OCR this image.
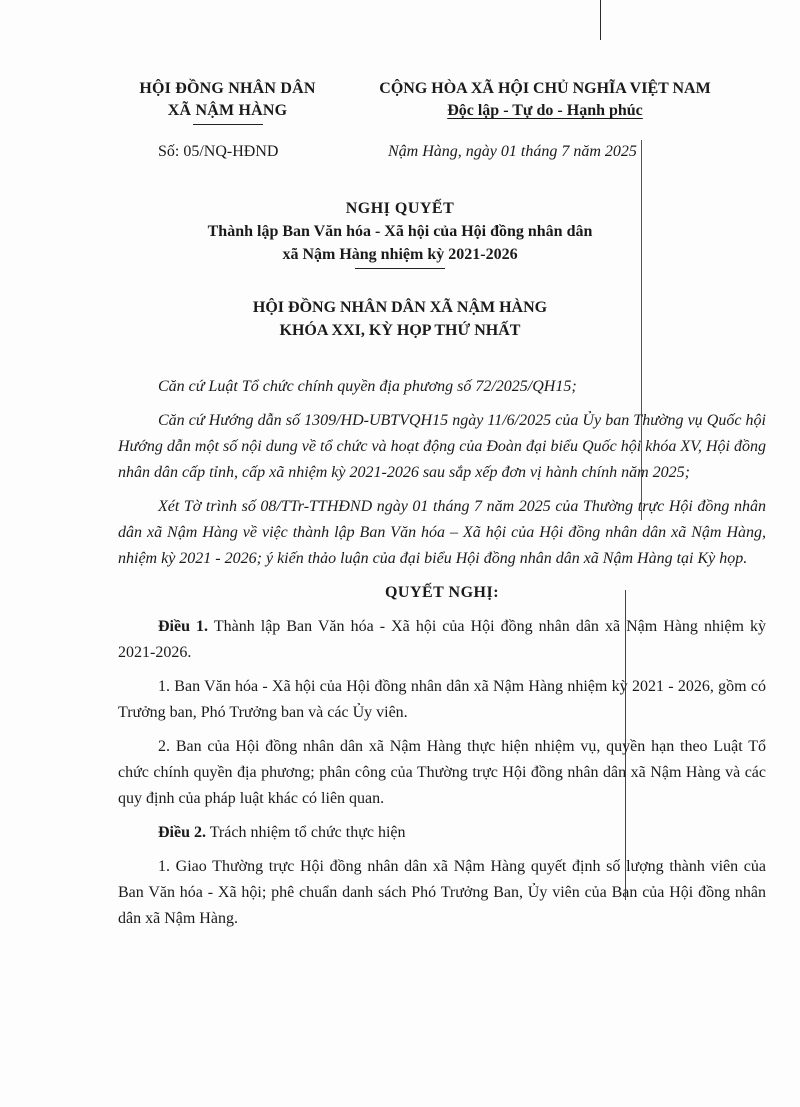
HỘI ĐỒNG NHÂN DÂN
XÃ NẬM HÀNG
CỘNG HÒA XÃ HỘI CHỦ NGHĨA VIỆT NAM
Độc lập - Tự do - Hạnh phúc
Số: 05/NQ-HĐND	Nậm Hàng, ngày 01 tháng 7 năm 2025
NGHỊ QUYẾT
Thành lập Ban Văn hóa - Xã hội của Hội đồng nhân dân
xã Nậm Hàng nhiệm kỳ 2021-2026
HỘI ĐỒNG NHÂN DÂN XÃ NẬM HÀNG
KHÓA XXI, KỲ HỌP THỨ NHẤT

Căn cứ Luật Tổ chức chính quyền địa phương số 72/2025/QH15;

Căn cứ Hướng dẫn số 1309/HD-UBTVQH15 ngày 11/6/2025 của Ủy ban Thường vụ Quốc hội Hướng dẫn một số nội dung về tổ chức và hoạt động của Đoàn đại biểu Quốc hội khóa XV, Hội đồng nhân dân cấp tỉnh, cấp xã nhiệm kỳ 2021-2026 sau sắp xếp đơn vị hành chính năm 2025;

Xét Tờ trình số 08/TTr-TTHĐND ngày 01 tháng 7 năm 2025 của Thường trực Hội đồng nhân dân xã Nậm Hàng về việc thành lập Ban Văn hóa – Xã hội của Hội đồng nhân dân xã Nậm Hàng, nhiệm kỳ 2021 - 2026; ý kiến thảo luận của đại biểu Hội đồng nhân dân xã Nậm Hàng tại Kỳ họp.

QUYẾT NGHỊ:

Điều 1. Thành lập Ban Văn hóa - Xã hội của Hội đồng nhân dân xã Nậm Hàng nhiệm kỳ 2021-2026.

1. Ban Văn hóa - Xã hội của Hội đồng nhân dân xã Nậm Hàng nhiệm kỳ 2021 - 2026, gồm có Trưởng ban, Phó Trưởng ban và các Ủy viên.

2. Ban của Hội đồng nhân dân xã Nậm Hàng thực hiện nhiệm vụ, quyền hạn theo Luật Tổ chức chính quyền địa phương; phân công của Thường trực Hội đồng nhân dân xã Nậm Hàng và các quy định của pháp luật khác có liên quan.

Điều 2. Trách nhiệm tổ chức thực hiện

1. Giao Thường trực Hội đồng nhân dân xã Nậm Hàng quyết định số lượng thành viên của Ban Văn hóa - Xã hội; phê chuẩn danh sách Phó Trưởng Ban, Ủy viên của Ban của Hội đồng nhân dân xã Nậm Hàng.
